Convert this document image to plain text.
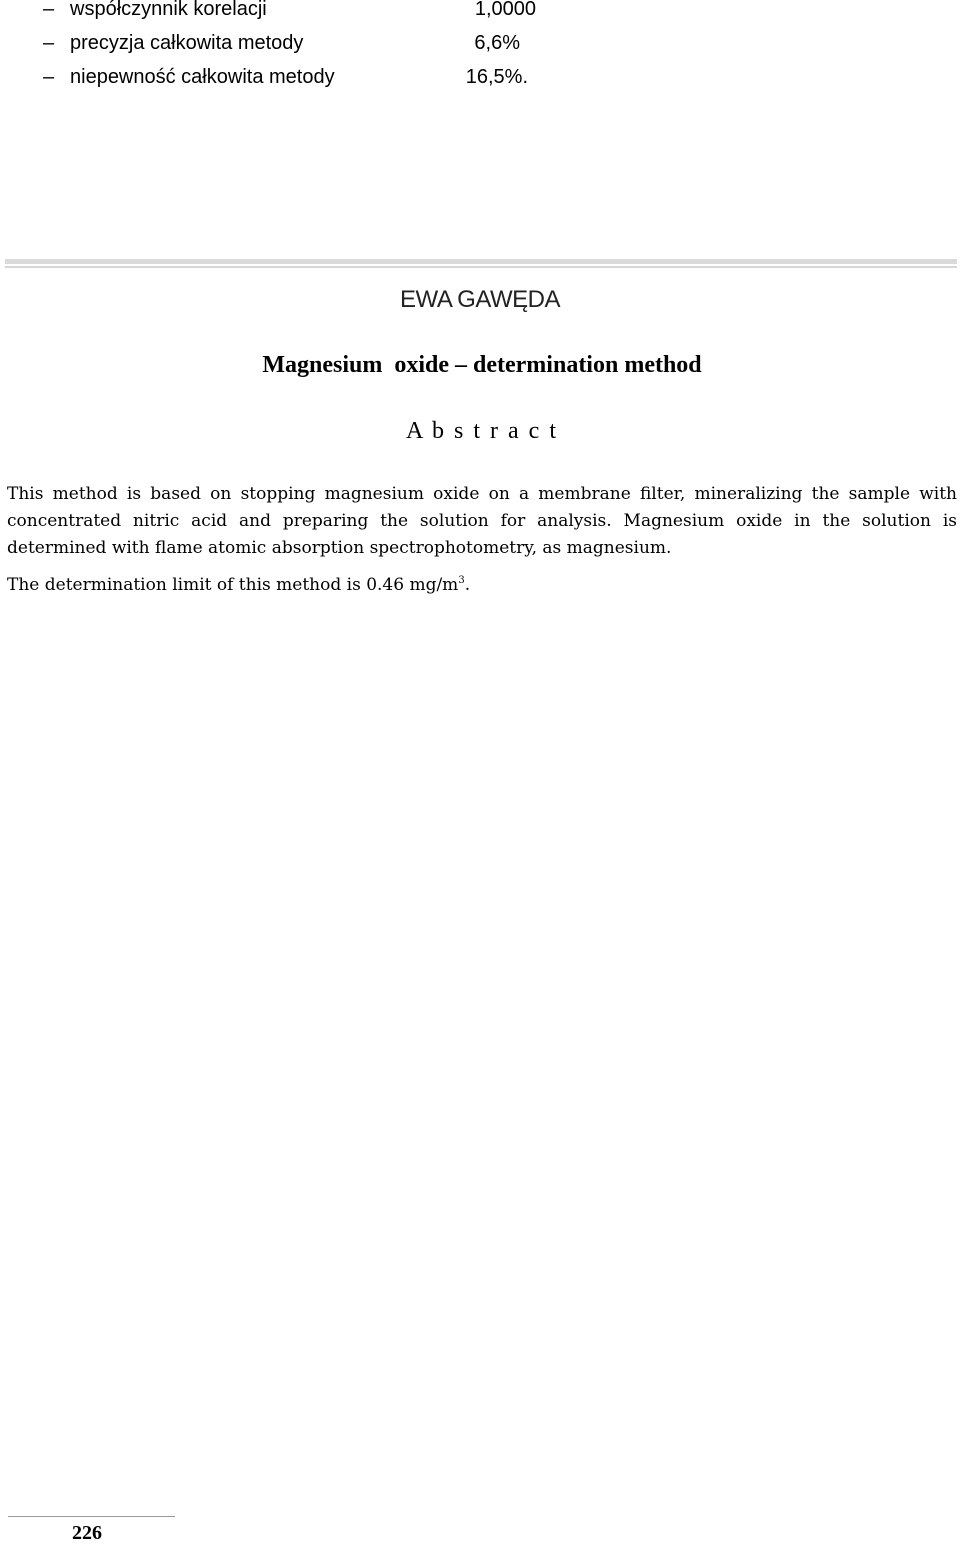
– współczynnik korelacji	1,0000
– precyzja całkowita metody	6,6%
– niepewność całkowita metody	16,5%.
EWA GAWĘDA
Magnesium  oxide – determination method
A b s t r a c t

This method is based on stopping magnesium oxide on a membrane filter, mineralizing the sample with concentrated nitric acid and preparing the solution for analysis. Magnesium oxide in the solution is determined with flame atomic absorption spectrophotometry, as magnesium.

The determination limit of this method is 0.46 $mg/m^3$.
226
